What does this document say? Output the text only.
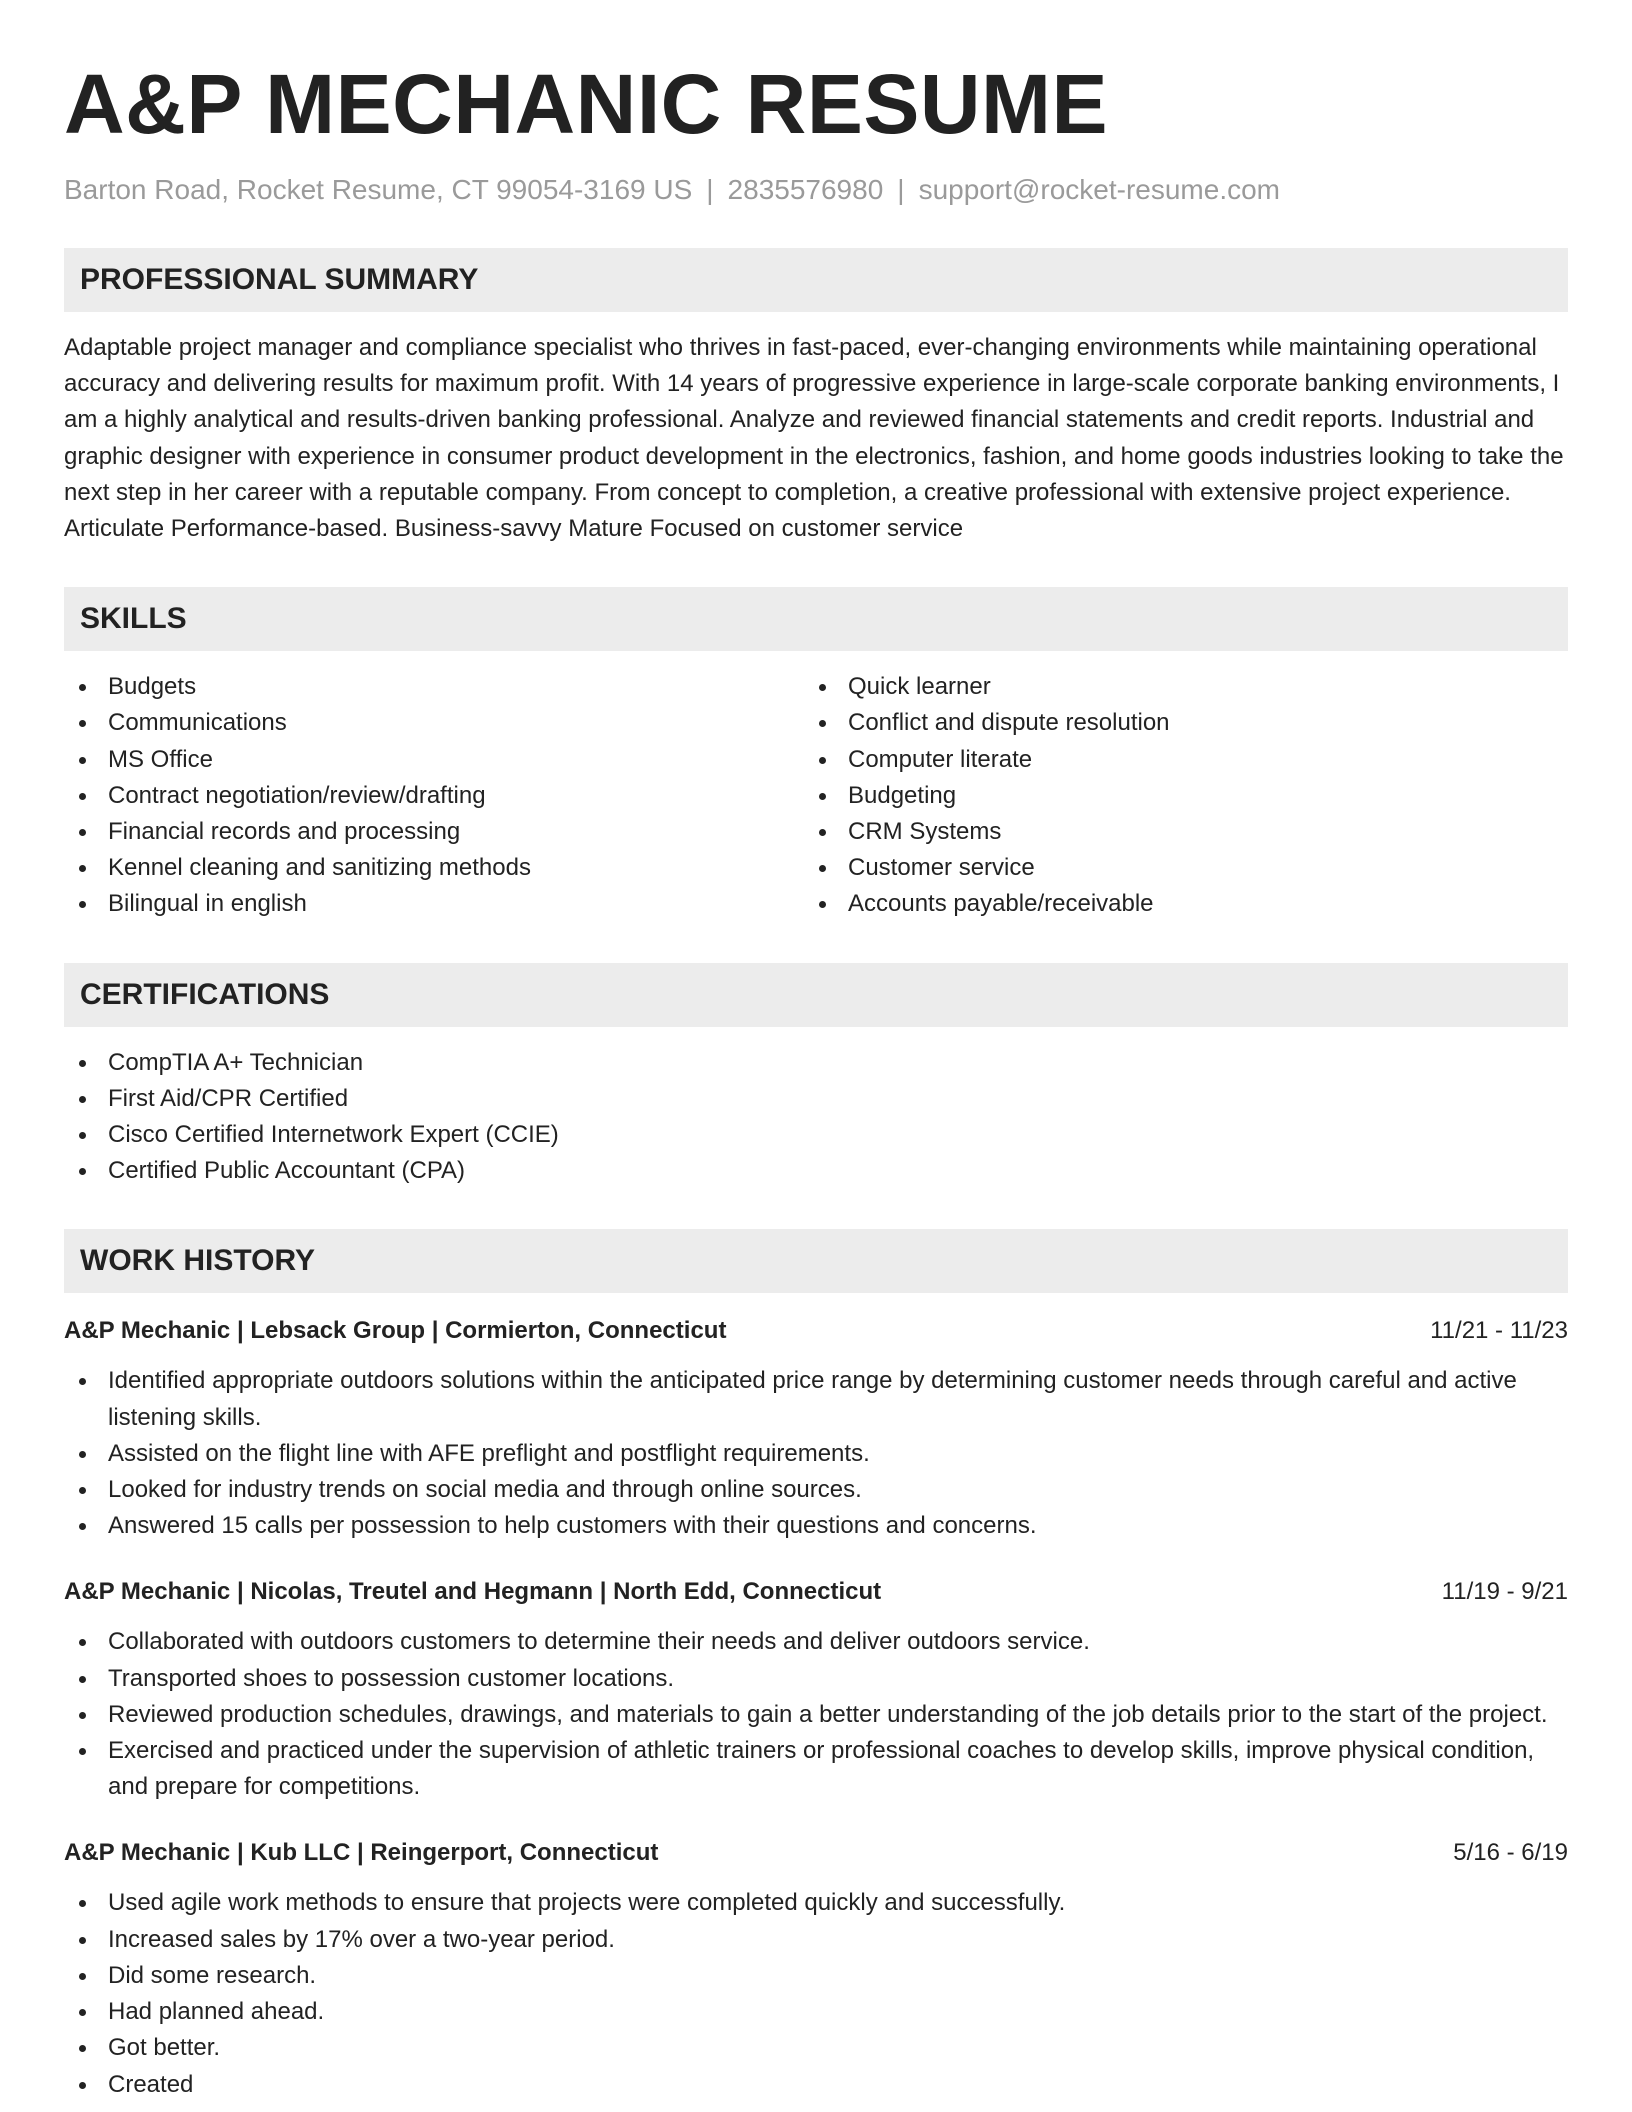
A&P MECHANIC RESUME
Barton Road, Rocket Resume, CT 99054-3169 US | 2835576980 | support@rocket-resume.com
PROFESSIONAL SUMMARY

Adaptable project manager and compliance specialist who thrives in fast-paced, ever-changing environments while maintaining operational accuracy and delivering results for maximum profit. With 14 years of progressive experience in large-scale corporate banking environments, I am a highly analytical and results-driven banking professional. Analyze and reviewed financial statements and credit reports. Industrial and graphic designer with experience in consumer product development in the electronics, fashion, and home goods industries looking to take the next step in her career with a reputable company. From concept to completion, a creative professional with extensive project experience. Articulate Performance-based. Business-savvy Mature Focused on customer service

SKILLS
Budgets
Communications
MS Office
Contract negotiation/review/drafting
Financial records and processing
Kennel cleaning and sanitizing methods
Bilingual in english
Quick learner
Conflict and dispute resolution
Computer literate
Budgeting
CRM Systems
Customer service
Accounts payable/receivable
CERTIFICATIONS
CompTIA A+ Technician
First Aid/CPR Certified
Cisco Certified Internetwork Expert (CCIE)
Certified Public Accountant (CPA)
WORK HISTORY
A&P Mechanic | Lebsack Group | Cormierton, Connecticut	11/21 - 11/23
Identified appropriate outdoors solutions within the anticipated price range by determining customer needs through careful and active listening skills.
Assisted on the flight line with AFE preflight and postflight requirements.
Looked for industry trends on social media and through online sources.
Answered 15 calls per possession to help customers with their questions and concerns.
A&P Mechanic | Nicolas, Treutel and Hegmann | North Edd, Connecticut	11/19 - 9/21
Collaborated with outdoors customers to determine their needs and deliver outdoors service.
Transported shoes to possession customer locations.
Reviewed production schedules, drawings, and materials to gain a better understanding of the job details prior to the start of the project.
Exercised and practiced under the supervision of athletic trainers or professional coaches to develop skills, improve physical condition, and prepare for competitions.
A&P Mechanic | Kub LLC | Reingerport, Connecticut	5/16 - 6/19
Used agile work methods to ensure that projects were completed quickly and successfully.
Increased sales by 17% over a two-year period.
Did some research.
Had planned ahead.
Got better.
Created
